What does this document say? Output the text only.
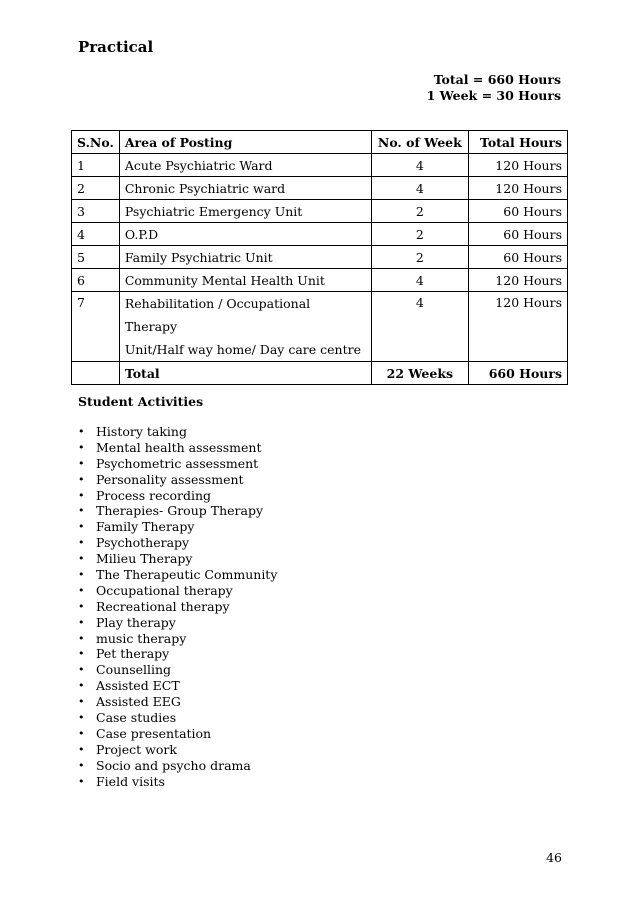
Practical
Total = 660 Hours
1 Week = 30 Hours
S.No.	Area of Posting	No. of Week	Total Hours
1	Acute Psychiatric Ward	4	120 Hours
2	Chronic Psychiatric ward	4	120 Hours
3	Psychiatric Emergency Unit	2	60 Hours
4	O.P.D	2	60 Hours
5	Family Psychiatric Unit	2	60 Hours
6	Community Mental Health Unit	4	120 Hours
7	Rehabilitation / Occupational Therapy
Unit/Half way home/ Day care centre	4	120 Hours
	Total	22 Weeks	660 Hours
Student Activities
• History taking
• Mental health assessment
• Psychometric assessment
• Personality assessment
• Process recording
• Therapies- Group Therapy
• Family Therapy
• Psychotherapy
• Milieu Therapy
• The Therapeutic Community
• Occupational therapy
• Recreational therapy
• Play therapy
• music therapy
• Pet therapy
• Counselling
• Assisted ECT
• Assisted EEG
• Case studies
• Case presentation
• Project work
• Socio and psycho drama
• Field visits
46
